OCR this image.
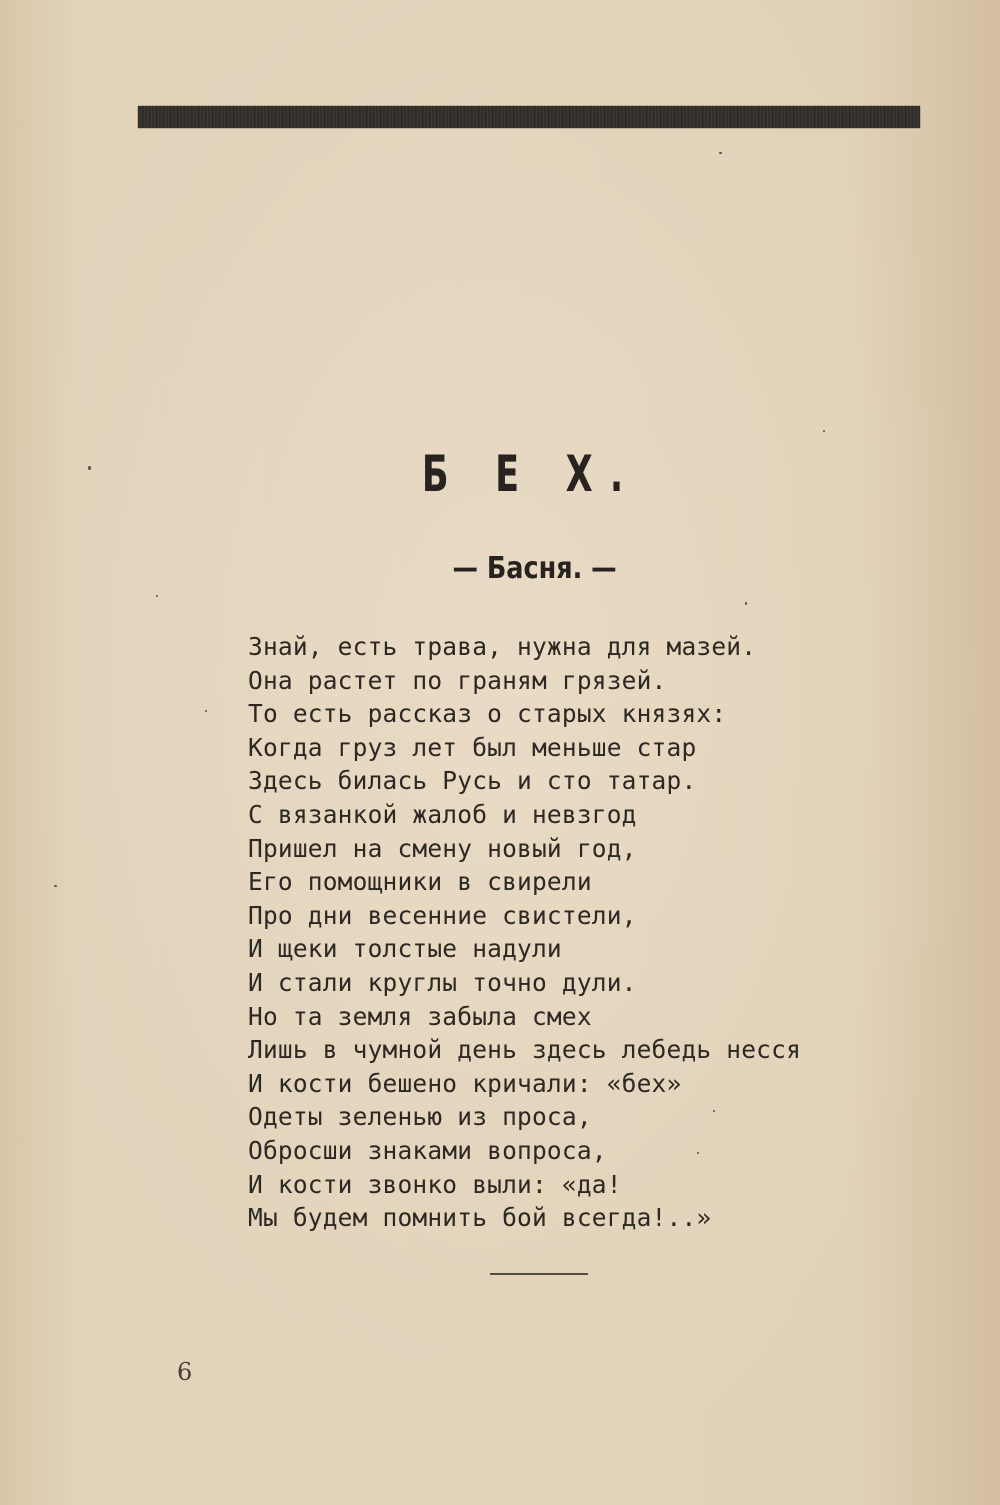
Б Е Х.
— Басня. —
Знай, есть трава, нужна для мазей.
Она растет по граням грязей.
То есть рассказ о старых князях:
Когда груз лет был меньше стар
Здесь билась Русь и сто татар.
С вязанкой жалоб и невзгод
Пришел на смену новый год,
Его помощники в свирели
Про дни весенние свистели,
И щеки толстые надули
И стали круглы точно дули.
Но та земля забыла смех
Лишь в чумной день здесь лебедь несся
И кости бешено кричали: «бех»
Одеты зеленью из проса,
Обросши знаками вопроса,
И кости звонко выли: «да!
Мы будем помнить бой всегда!..»
6
